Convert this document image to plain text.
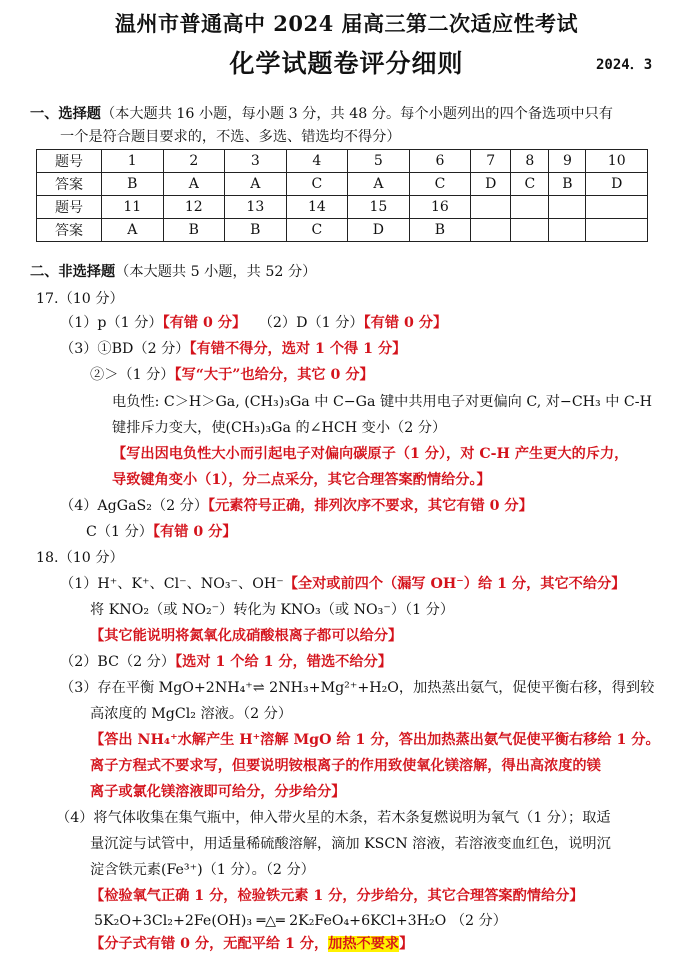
温州市普通高中 2024 届高三第二次适应性考试
化学试题卷评分细则	2024．3
一、选择题（本大题共 16 小题，每小题 3 分，共 48 分。每个小题列出的四个备选项中只有
一个是符合题目要求的，不选、多选、错选均不得分）
题号	1	2	3	4	5	6	7	8	9	10
答案	B	A	A	C	A	C	D	C	B	D
题号	11	12	13	14	15	16				
答案	A	B	B	C	D	B				
二、非选择题（本大题共 5 小题，共 52 分）
17.（10 分）
（1）p（1 分）【有错 0 分】 （2）D（1 分）【有错 0 分】
（3）①BD（2 分）【有错不得分，选对 1 个得 1 分】
②＞（1 分）【写“大于”也给分，其它 0 分】
电负性: C＞H＞Ga, (CH₃)₃Ga 中 C−Ga 键中共用电子对更偏向 C, 对−CH₃ 中 C-H
键排斥力变大，使(CH₃)₃Ga 的∠HCH 变小（2 分）
【写出因电负性大小而引起电子对偏向碳原子（1 分），对 C-H 产生更大的斥力，
导致键角变小（1），分二点采分，其它合理答案酌情给分。】
（4）AgGaS₂（2 分）【元素符号正确，排列次序不要求，其它有错 0 分】
C（1 分）【有错 0 分】
18.（10 分）
（1）H⁺、K⁺、Cl⁻、NO₃⁻、OH⁻【全对或前四个（漏写 OH⁻）给 1 分，其它不给分】
将 KNO₂（或 NO₂⁻）转化为 KNO₃（或 NO₃⁻）（1 分）
【其它能说明将氮氧化成硝酸根离子都可以给分】
（2）BC（2 分）【选对 1 个给 1 分，错选不给分】
（3）存在平衡 MgO+2NH₄⁺⇌ 2NH₃+Mg²⁺+H₂O，加热蒸出氨气，促使平衡右移，得到较
高浓度的 MgCl₂ 溶液。（2 分）
【答出 NH₄⁺水解产生 H⁺溶解 MgO 给 1 分，答出加热蒸出氨气促使平衡右移给 1 分。
离子方程式不要求写，但要说明铵根离子的作用致使氧化镁溶解，得出高浓度的镁
离子或氯化镁溶液即可给分，分步给分】
（4）将气体收集在集气瓶中，伸入带火星的木条，若木条复燃说明为氧气（1 分）；取适
量沉淀与试管中，用适量稀硫酸溶解，滴加 KSCN 溶液，若溶液变血红色，说明沉
淀含铁元素(Fe³⁺)（1 分）。（2 分）
【检验氧气正确 1 分，检验铁元素 1 分，分步给分，其它合理答案酌情给分】
5K₂O+3Cl₂+2Fe(OH)₃ ═△═ 2K₂FeO₄+6KCl+3H₂O （2 分）
【分子式有错 0 分，无配平给 1 分，加热不要求】
